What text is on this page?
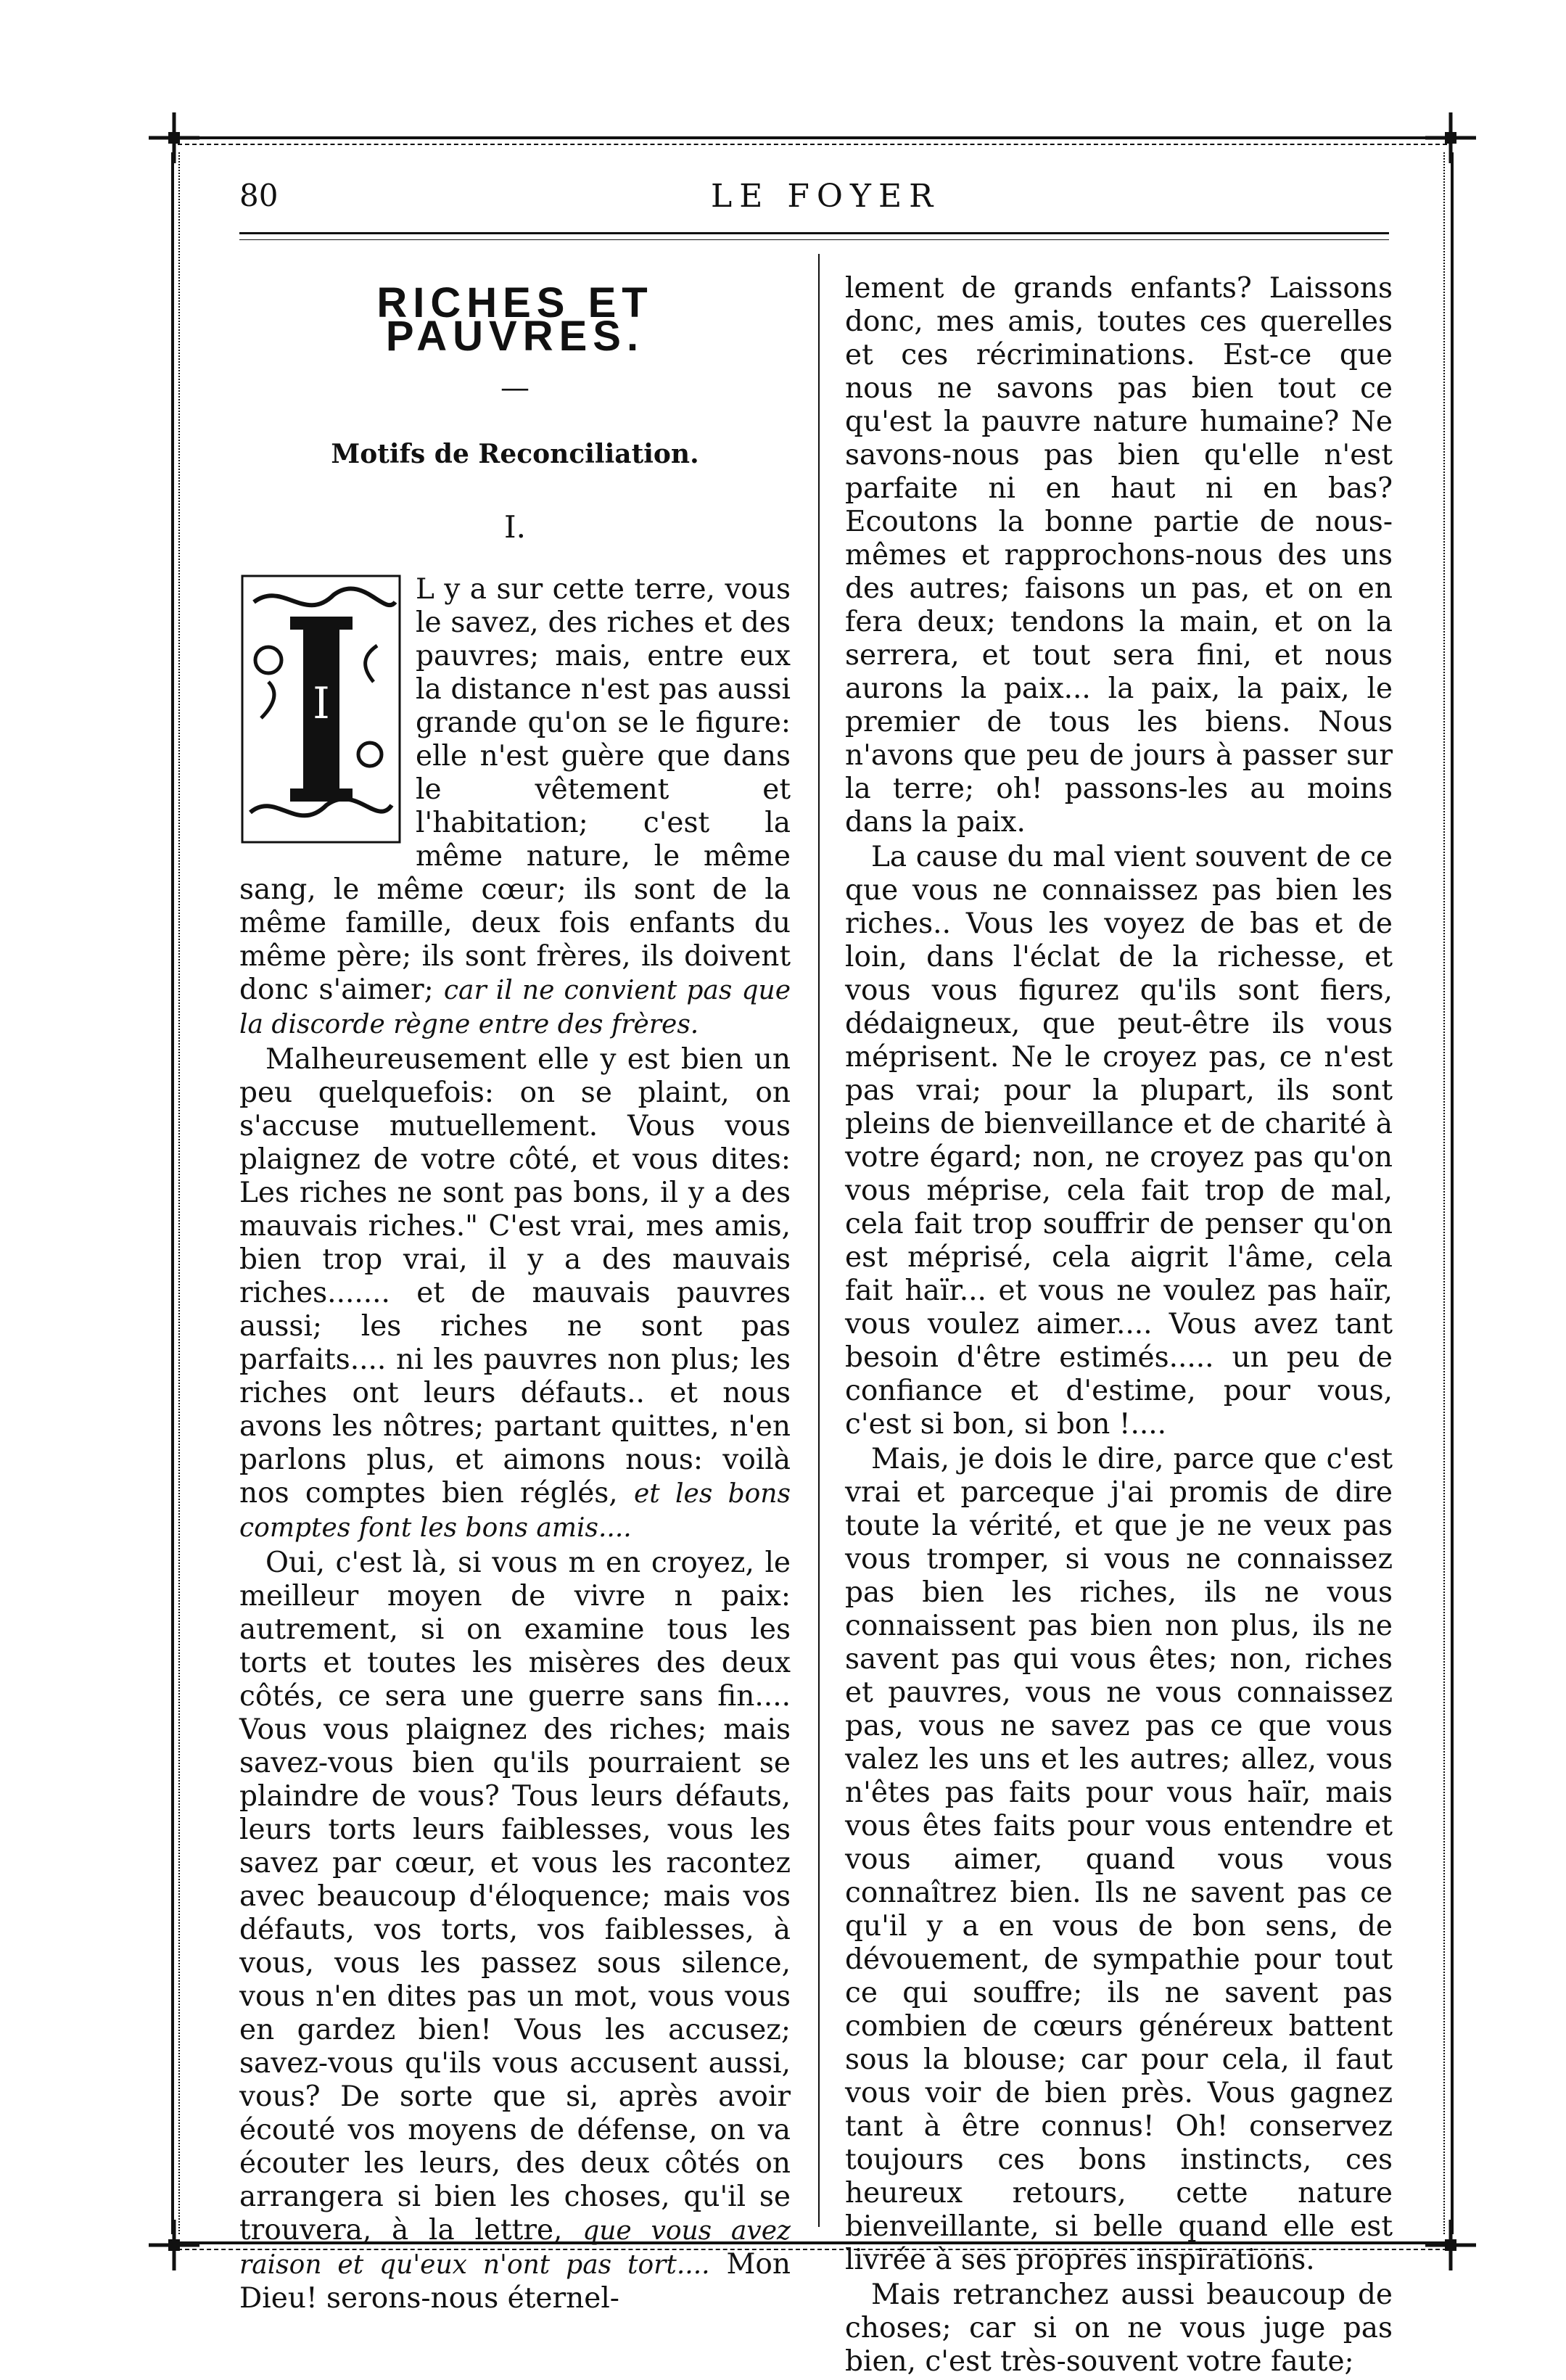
80	LE FOYER
RICHES ET PAUVRES.
—
Motifs de Reconciliation.
I.
I

L y a sur cette terre, vous le savez, des riches et des pauvres; mais, entre eux la distance n'est pas aussi grande qu'on se le figure: elle n'est guère que dans le vêtement et l'habitation; c'est la même nature, le même sang, le même cœur; ils sont de la même famille, deux fois enfants du même père; ils sont frères, ils doivent donc s'aimer; car il ne convient pas que la discorde règne entre des frères.

Malheureusement elle y est bien un peu quelquefois: on se plaint, on s'accuse mutuellement. Vous vous plaignez de votre côté, et vous dites: Les riches ne sont pas bons, il y a des mauvais riches." C'est vrai, mes amis, bien trop vrai, il y a des mauvais riches....... et de mauvais pauvres aussi; les riches ne sont pas parfaits.... ni les pauvres non plus; les riches ont leurs défauts.. et nous avons les nôtres; partant quittes, n'en parlons plus, et aimons nous: voilà nos comptes bien réglés, et les bons comptes font les bons amis....

Oui, c'est là, si vous m en croyez, le meilleur moyen de vivre n paix: autrement, si on examine tous les torts et toutes les misères des deux côtés, ce sera une guerre sans fin.... Vous vous plaignez des riches; mais savez-vous bien qu'ils pourraient se plaindre de vous? Tous leurs défauts, leurs torts leurs faiblesses, vous les savez par cœur, et vous les racontez avec beaucoup d'éloquence; mais vos défauts, vos torts, vos faiblesses, à vous, vous les passez sous silence, vous n'en dites pas un mot, vous vous en gardez bien! Vous les accusez; savez-vous qu'ils vous accusent aussi, vous? De sorte que si, après avoir écouté vos moyens de défense, on va écouter les leurs, des deux côtés on arrangera si bien les choses, qu'il se trouvera, à la lettre, que vous avez raison et qu'eux n'ont pas tort.... Mon Dieu! serons-nous éternel-

lement de grands enfants? Laissons donc, mes amis, toutes ces querelles et ces récriminations. Est-ce que nous ne savons pas bien tout ce qu'est la pauvre nature humaine? Ne savons-nous pas bien qu'elle n'est parfaite ni en haut ni en bas? Ecoutons la bonne partie de nous-mêmes et rapprochons-nous des uns des autres; faisons un pas, et on en fera deux; tendons la main, et on la serrera, et tout sera fini, et nous aurons la paix... la paix, la paix, le premier de tous les biens. Nous n'avons que peu de jours à passer sur la terre; oh! passons-les au moins dans la paix.

La cause du mal vient souvent de ce que vous ne connaissez pas bien les riches.. Vous les voyez de bas et de loin, dans l'éclat de la richesse, et vous vous figurez qu'ils sont fiers, dédaigneux, que peut-être ils vous méprisent. Ne le croyez pas, ce n'est pas vrai; pour la plupart, ils sont pleins de bienveillance et de charité à votre égard; non, ne croyez pas qu'on vous méprise, cela fait trop de mal, cela fait trop souffrir de penser qu'on est méprisé, cela aigrit l'âme, cela fait haïr... et vous ne voulez pas haïr, vous voulez aimer.... Vous avez tant besoin d'être estimés..... un peu de confiance et d'estime, pour vous, c'est si bon, si bon !....

Mais, je dois le dire, parce que c'est vrai et parceque j'ai promis de dire toute la vérité, et que je ne veux pas vous tromper, si vous ne connaissez pas bien les riches, ils ne vous connaissent pas bien non plus, ils ne savent pas qui vous êtes; non, riches et pauvres, vous ne vous connaissez pas, vous ne savez pas ce que vous valez les uns et les autres; allez, vous n'êtes pas faits pour vous haïr, mais vous êtes faits pour vous entendre et vous aimer, quand vous vous connaîtrez bien. Ils ne savent pas ce qu'il y a en vous de bon sens, de dévouement, de sympathie pour tout ce qui souffre; ils ne savent pas combien de cœurs généreux battent sous la blouse; car pour cela, il faut vous voir de bien près. Vous gagnez tant à être connus! Oh! conservez toujours ces bons instincts, ces heureux retours, cette nature bienveillante, si belle quand elle est livrée à ses propres inspirations.

Mais retranchez aussi beaucoup de choses; car si on ne vous juge pas bien, c'est très-souvent votre faute;
